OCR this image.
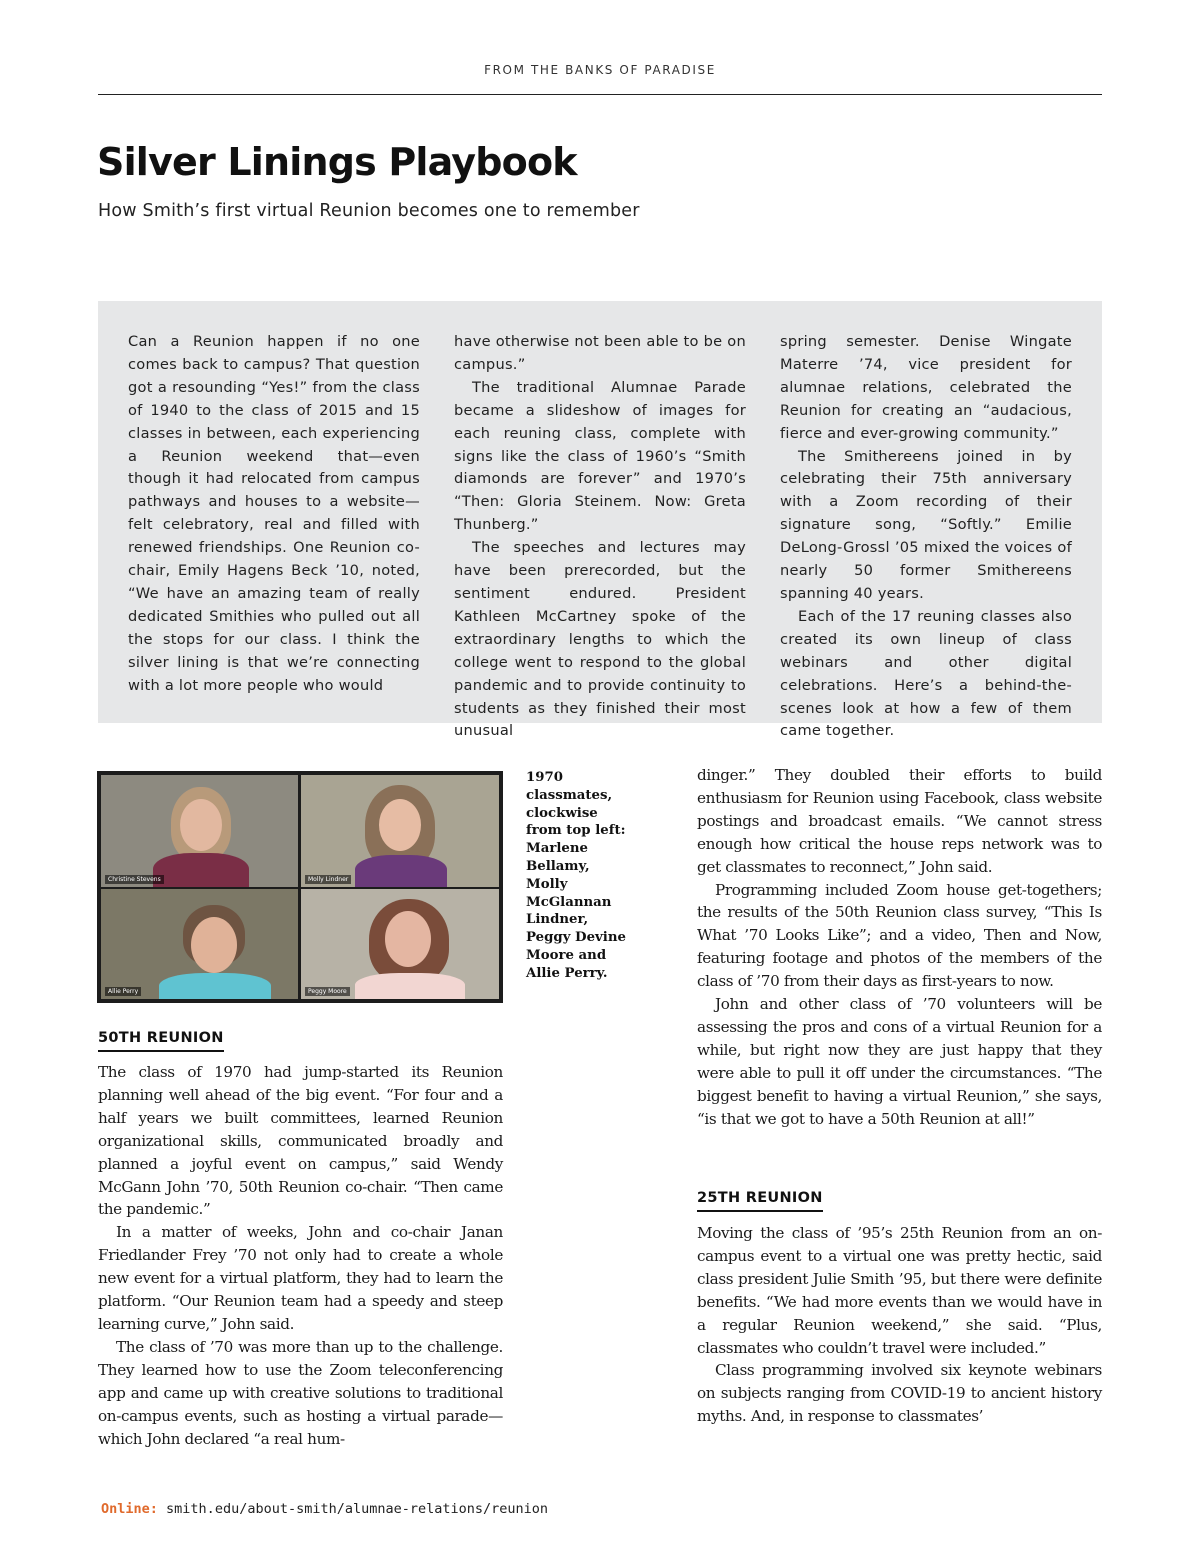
FROM THE BANKS OF PARADISE
Silver Linings Playbook

How Smith’s first virtual Reunion becomes one to remember

Can a Reunion happen if no one comes back to campus? That question got a resounding “Yes!” from the class of 1940 to the class of 2015 and 15 classes in between, each experiencing a Reunion weekend that—even though it had relocated from campus pathways and houses to a website—felt celebratory, real and filled with renewed friendships. One Reunion co-chair, Emily Hagens Beck ’10, noted, “We have an amazing team of really dedicated Smithies who pulled out all the stops for our class. I think the silver lining is that we’re connecting with a lot more people who would

have otherwise not been able to be on campus.”

The traditional Alumnae Parade became a slideshow of images for each reuning class, complete with signs like the class of 1960’s “Smith diamonds are forever” and 1970’s “Then: Gloria Steinem. Now: Greta Thunberg.”

The speeches and lectures may have been prerecorded, but the sentiment endured. President Kathleen McCartney spoke of the extraordinary lengths to which the college went to respond to the global pandemic and to provide continuity to students as they finished their most unusual

spring semester. Denise Wingate Materre ’74, vice president for alumnae relations, celebrated the Reunion for creating an “audacious, fierce and ever-growing community.”

The Smithereens joined in by celebrating their 75th anniversary with a Zoom recording of their signature song, “Softly.” Emilie DeLong-Grossl ’05 mixed the voices of nearly 50 former Smithereens spanning 40 years.

Each of the 17 reuning classes also created its own lineup of class webinars and other digital celebrations. Here’s a behind-the-scenes look at how a few of them came together.

Christine Stevens	Molly Lindner
Allie Perry	Peggy Moore

1970 classmates, clockwise from top left: Marlene Bellamy, Molly McGlannan Lindner, Peggy Devine Moore and Allie Perry.

50TH REUNION

The class of 1970 had jump-started its Reunion planning well ahead of the big event. “For four and a half years we built committees, learned Reunion organizational skills, communicated broadly and planned a joyful event on campus,” said Wendy McGann John ’70, 50th Reunion co-chair. “Then came the pandemic.”

In a matter of weeks, John and co-chair Janan Friedlander Frey ’70 not only had to create a whole new event for a virtual platform, they had to learn the platform. “Our Reunion team had a speedy and steep learning curve,” John said.

The class of ’70 was more than up to the challenge. They learned how to use the Zoom teleconferencing app and came up with creative solutions to traditional on-campus events, such as hosting a virtual parade—which John declared “a real hum-

dinger.” They doubled their efforts to build enthusiasm for Reunion using Facebook, class website postings and broadcast emails. “We cannot stress enough how critical the house reps network was to get classmates to reconnect,” John said.

Programming included Zoom house get-togethers; the results of the 50th Reunion class survey, “This Is What ’70 Looks Like”; and a video, Then and Now, featuring footage and photos of the members of the class of ’70 from their days as first-years to now.

John and other class of ’70 volunteers will be assessing the pros and cons of a virtual Reunion for a while, but right now they are just happy that they were able to pull it off under the circumstances. “The biggest benefit to having a virtual Reunion,” she says, “is that we got to have a 50th Reunion at all!”

25TH REUNION

Moving the class of ’95’s 25th Reunion from an on-campus event to a virtual one was pretty hectic, said class president Julie Smith ’95, but there were definite benefits. “We had more events than we would have in a regular Reunion weekend,” she said. “Plus, classmates who couldn’t travel were included.”

Class programming involved six keynote webinars on subjects ranging from COVID-19 to ancient history myths. And, in response to classmates’

Online: smith.edu/about-smith/alumnae-relations/reunion
